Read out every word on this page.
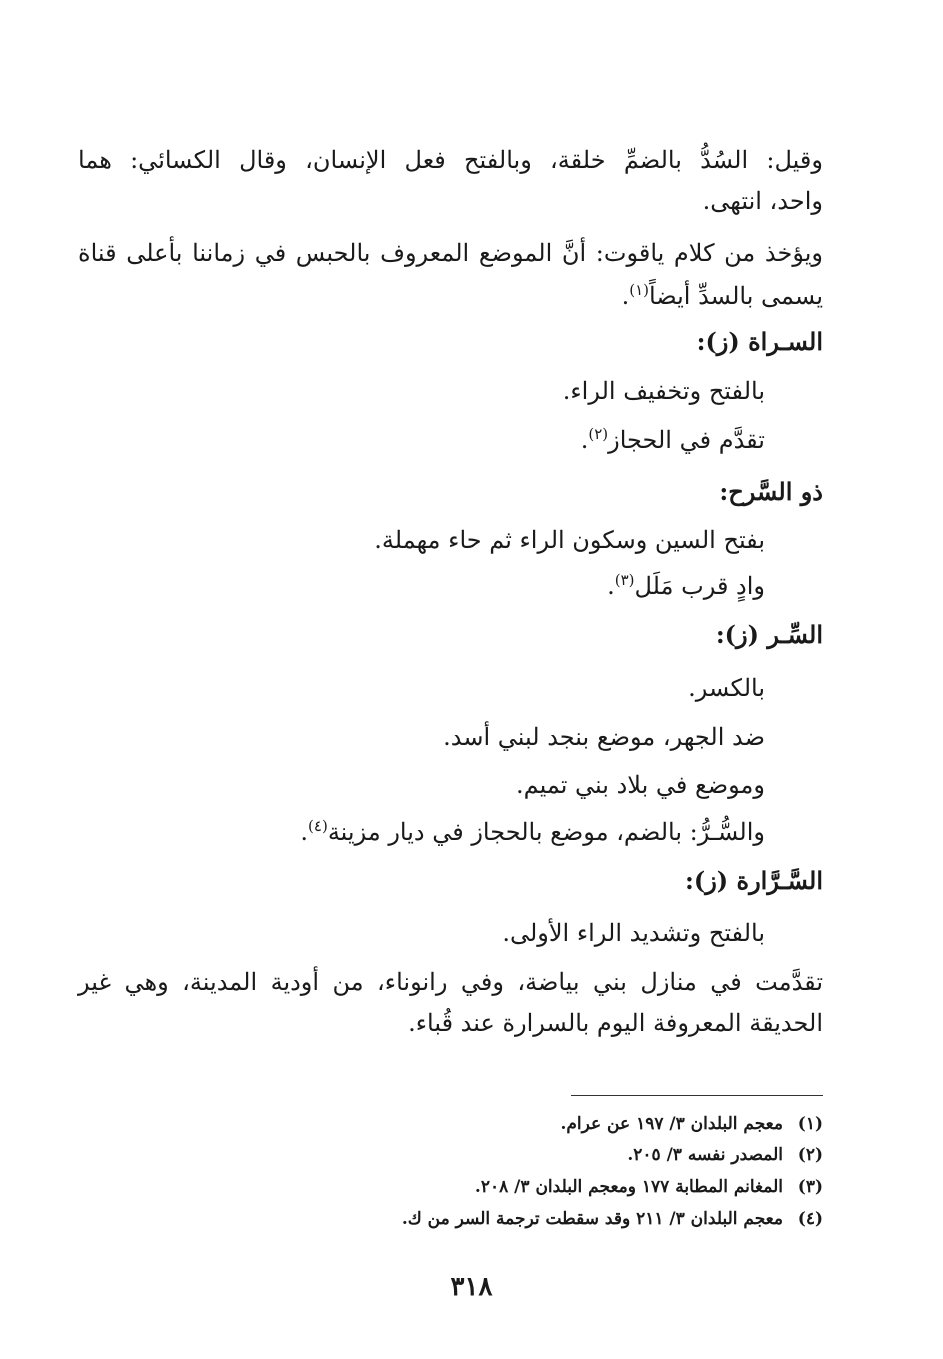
وقيل: السُدُّ بالضمِّ خلقة، وبالفتح فعل الإنسان، وقال الكسائي: هما
واحد، انتهى.
ويؤخذ من كلام ياقوت: أنَّ الموضع المعروف بالحبس في زماننا بأعلى قناة
يسمى بالسدِّ أيضاً$^{(١)}$.
السـراة (ز):
بالفتح وتخفيف الراء.
تقدَّم في الحجاز$^{(٢)}$.
ذو السَّرح:
بفتح السين وسكون الراء ثم حاء مهملة.
وادٍ قرب مَلَل$^{(٣)}$.
السِّـر (ز):
بالكسر.
ضد الجهر، موضع بنجد لبني أسد.
وموضع في بلاد بني تميم.
والسُّـرُّ: بالضم، موضع بالحجاز في ديار مزينة$^{(٤)}$.
السَّـرَّارة (ز):
بالفتح وتشديد الراء الأولى.
تقدَّمت في منازل بني بياضة، وفي رانوناء، من أودية المدينة، وهي غير
الحديقة المعروفة اليوم بالسرارة عند قُباء.
(١)معجم البلدان ٣/ ١٩٧ عن عرام.
(٢)المصدر نفسه ٣/ ٢٠٥.
(٣)المغانم المطابة ١٧٧ ومعجم البلدان ٣/ ٢٠٨.
(٤)معجم البلدان ٣/ ٢١١ وقد سقطت ترجمة السر من ك.
٣١٨
